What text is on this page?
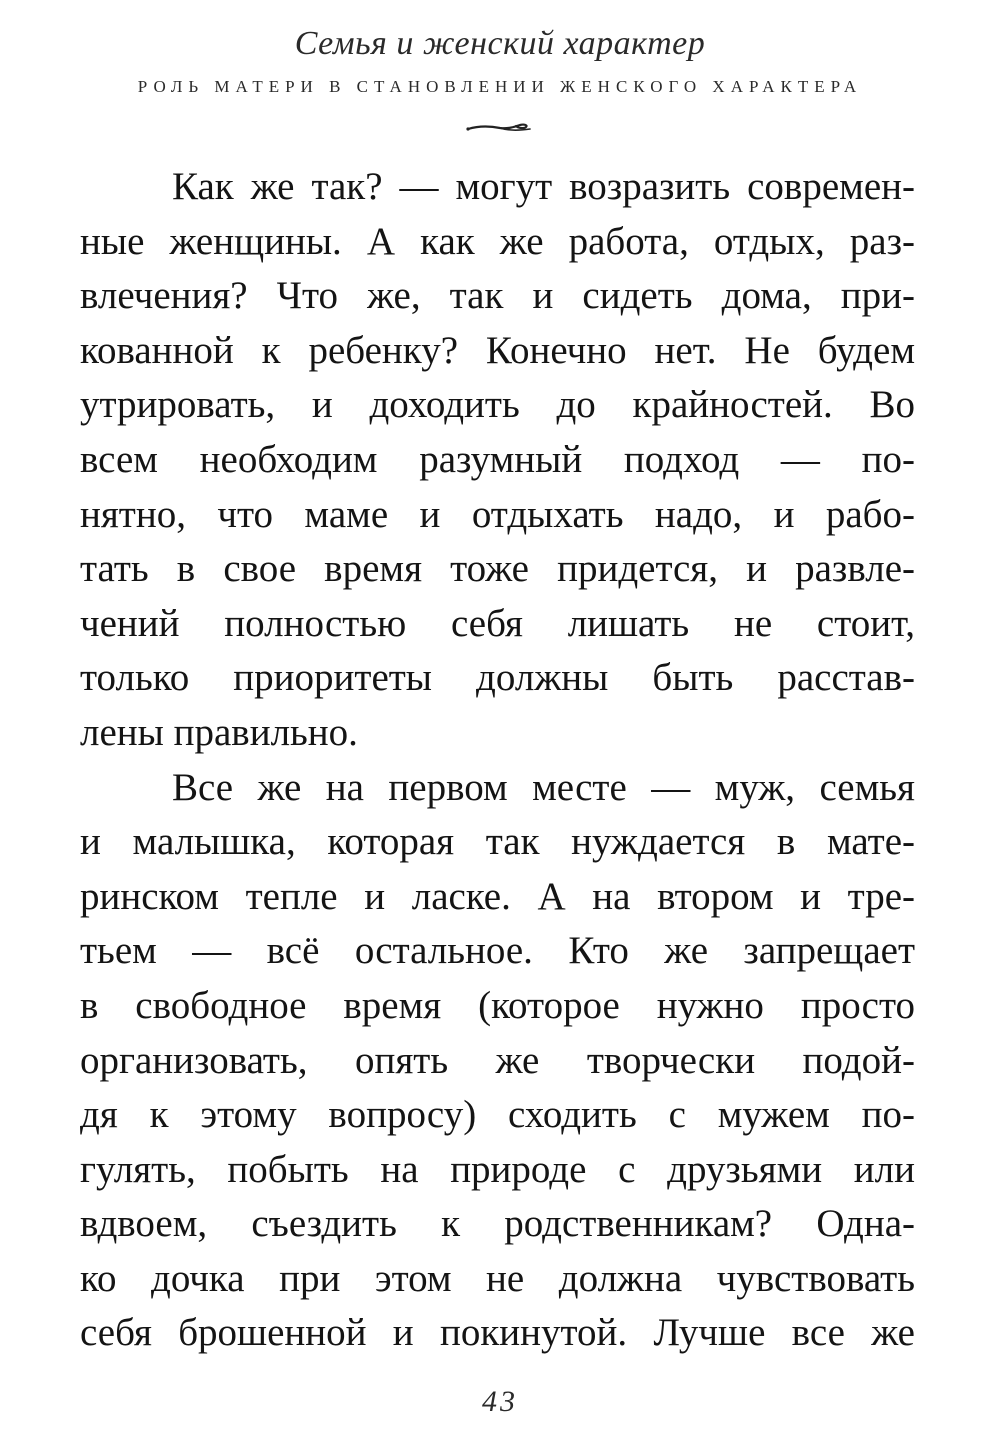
Семья и женский характер
РОЛЬ МАТЕРИ В СТАНОВЛЕНИИ ЖЕНСКОГО ХАРАКТЕРА

Как же так? — могут возразить современ-
ные женщины. А как же работа, отдых, раз-
влечения? Что же, так и сидеть дома, при-
кованной к ребенку? Конечно нет. Не будем
утрировать, и доходить до крайностей. Во
всем необходим разумный подход — по-
нятно, что маме и отдыхать надо, и рабо-
тать в свое время тоже придется, и развле-
чений полностью себя лишать не стоит,
только приоритеты должны быть расстав-
лены правильно.

Все же на первом месте — муж, семья
и малышка, которая так нуждается в мате-
ринском тепле и ласке. А на втором и тре-
тьем — всё остальное. Кто же запрещает
в свободное время (которое нужно просто
организовать, опять же творчески подой-
дя к этому вопросу) сходить с мужем по-
гулять, побыть на природе с друзьями или
вдвоем, съездить к родственникам? Одна-
ко дочка при этом не должна чувствовать
себя брошенной и покинутой. Лучше все же

43
